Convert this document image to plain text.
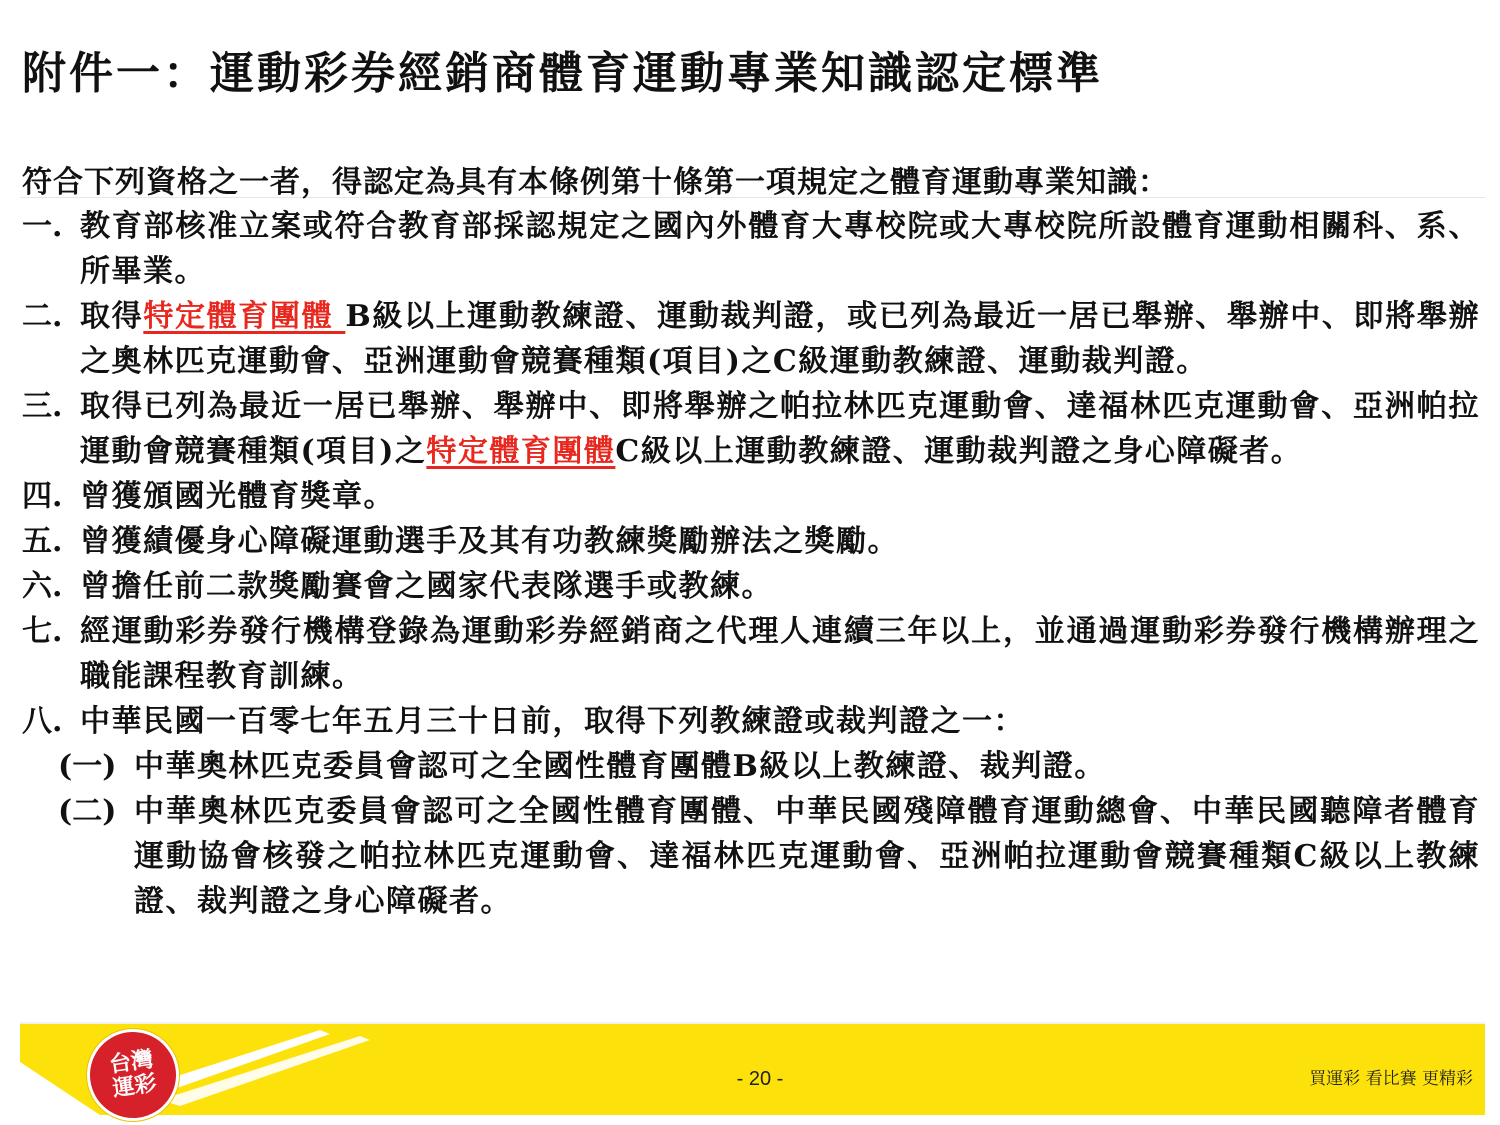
附件一：運動彩券經銷商體育運動專業知識認定標準
符合下列資格之一者，得認定為具有本條例第十條第一項規定之體育運動專業知識：
一. 教育部核准立案或符合教育部採認規定之國內外體育大專校院或大專校院所設體育運動相關科、系、所畢業。
二. 取得特定體育團體 B級以上運動教練證、運動裁判證，或已列為最近一居已舉辦、舉辦中、即將舉辦之奧林匹克運動會、亞洲運動會競賽種類(項目)之C級運動教練證、運動裁判證。
三. 取得已列為最近一居已舉辦、舉辦中、即將舉辦之帕拉林匹克運動會、達福林匹克運動會、亞洲帕拉運動會競賽種類(項目)之特定體育團體C級以上運動教練證、運動裁判證之身心障礙者。
四. 曾獲頒國光體育獎章。
五. 曾獲績優身心障礙運動選手及其有功教練獎勵辦法之獎勵。
六. 曾擔任前二款獎勵賽會之國家代表隊選手或教練。
七. 經運動彩券發行機構登錄為運動彩券經銷商之代理人連續三年以上，並通過運動彩券發行機構辦理之職能課程教育訓練。
八. 中華民國一百零七年五月三十日前，取得下列教練證或裁判證之一：
(一) 中華奧林匹克委員會認可之全國性體育團體B級以上教練證、裁判證。
(二) 中華奧林匹克委員會認可之全國性體育團體、中華民國殘障體育運動總會、中華民國聽障者體育運動協會核發之帕拉林匹克運動會、達福林匹克運動會、亞洲帕拉運動會競賽種類C級以上教練證、裁判證之身心障礙者。
台灣
運彩	- 20 -	買運彩 看比賽 更精彩
